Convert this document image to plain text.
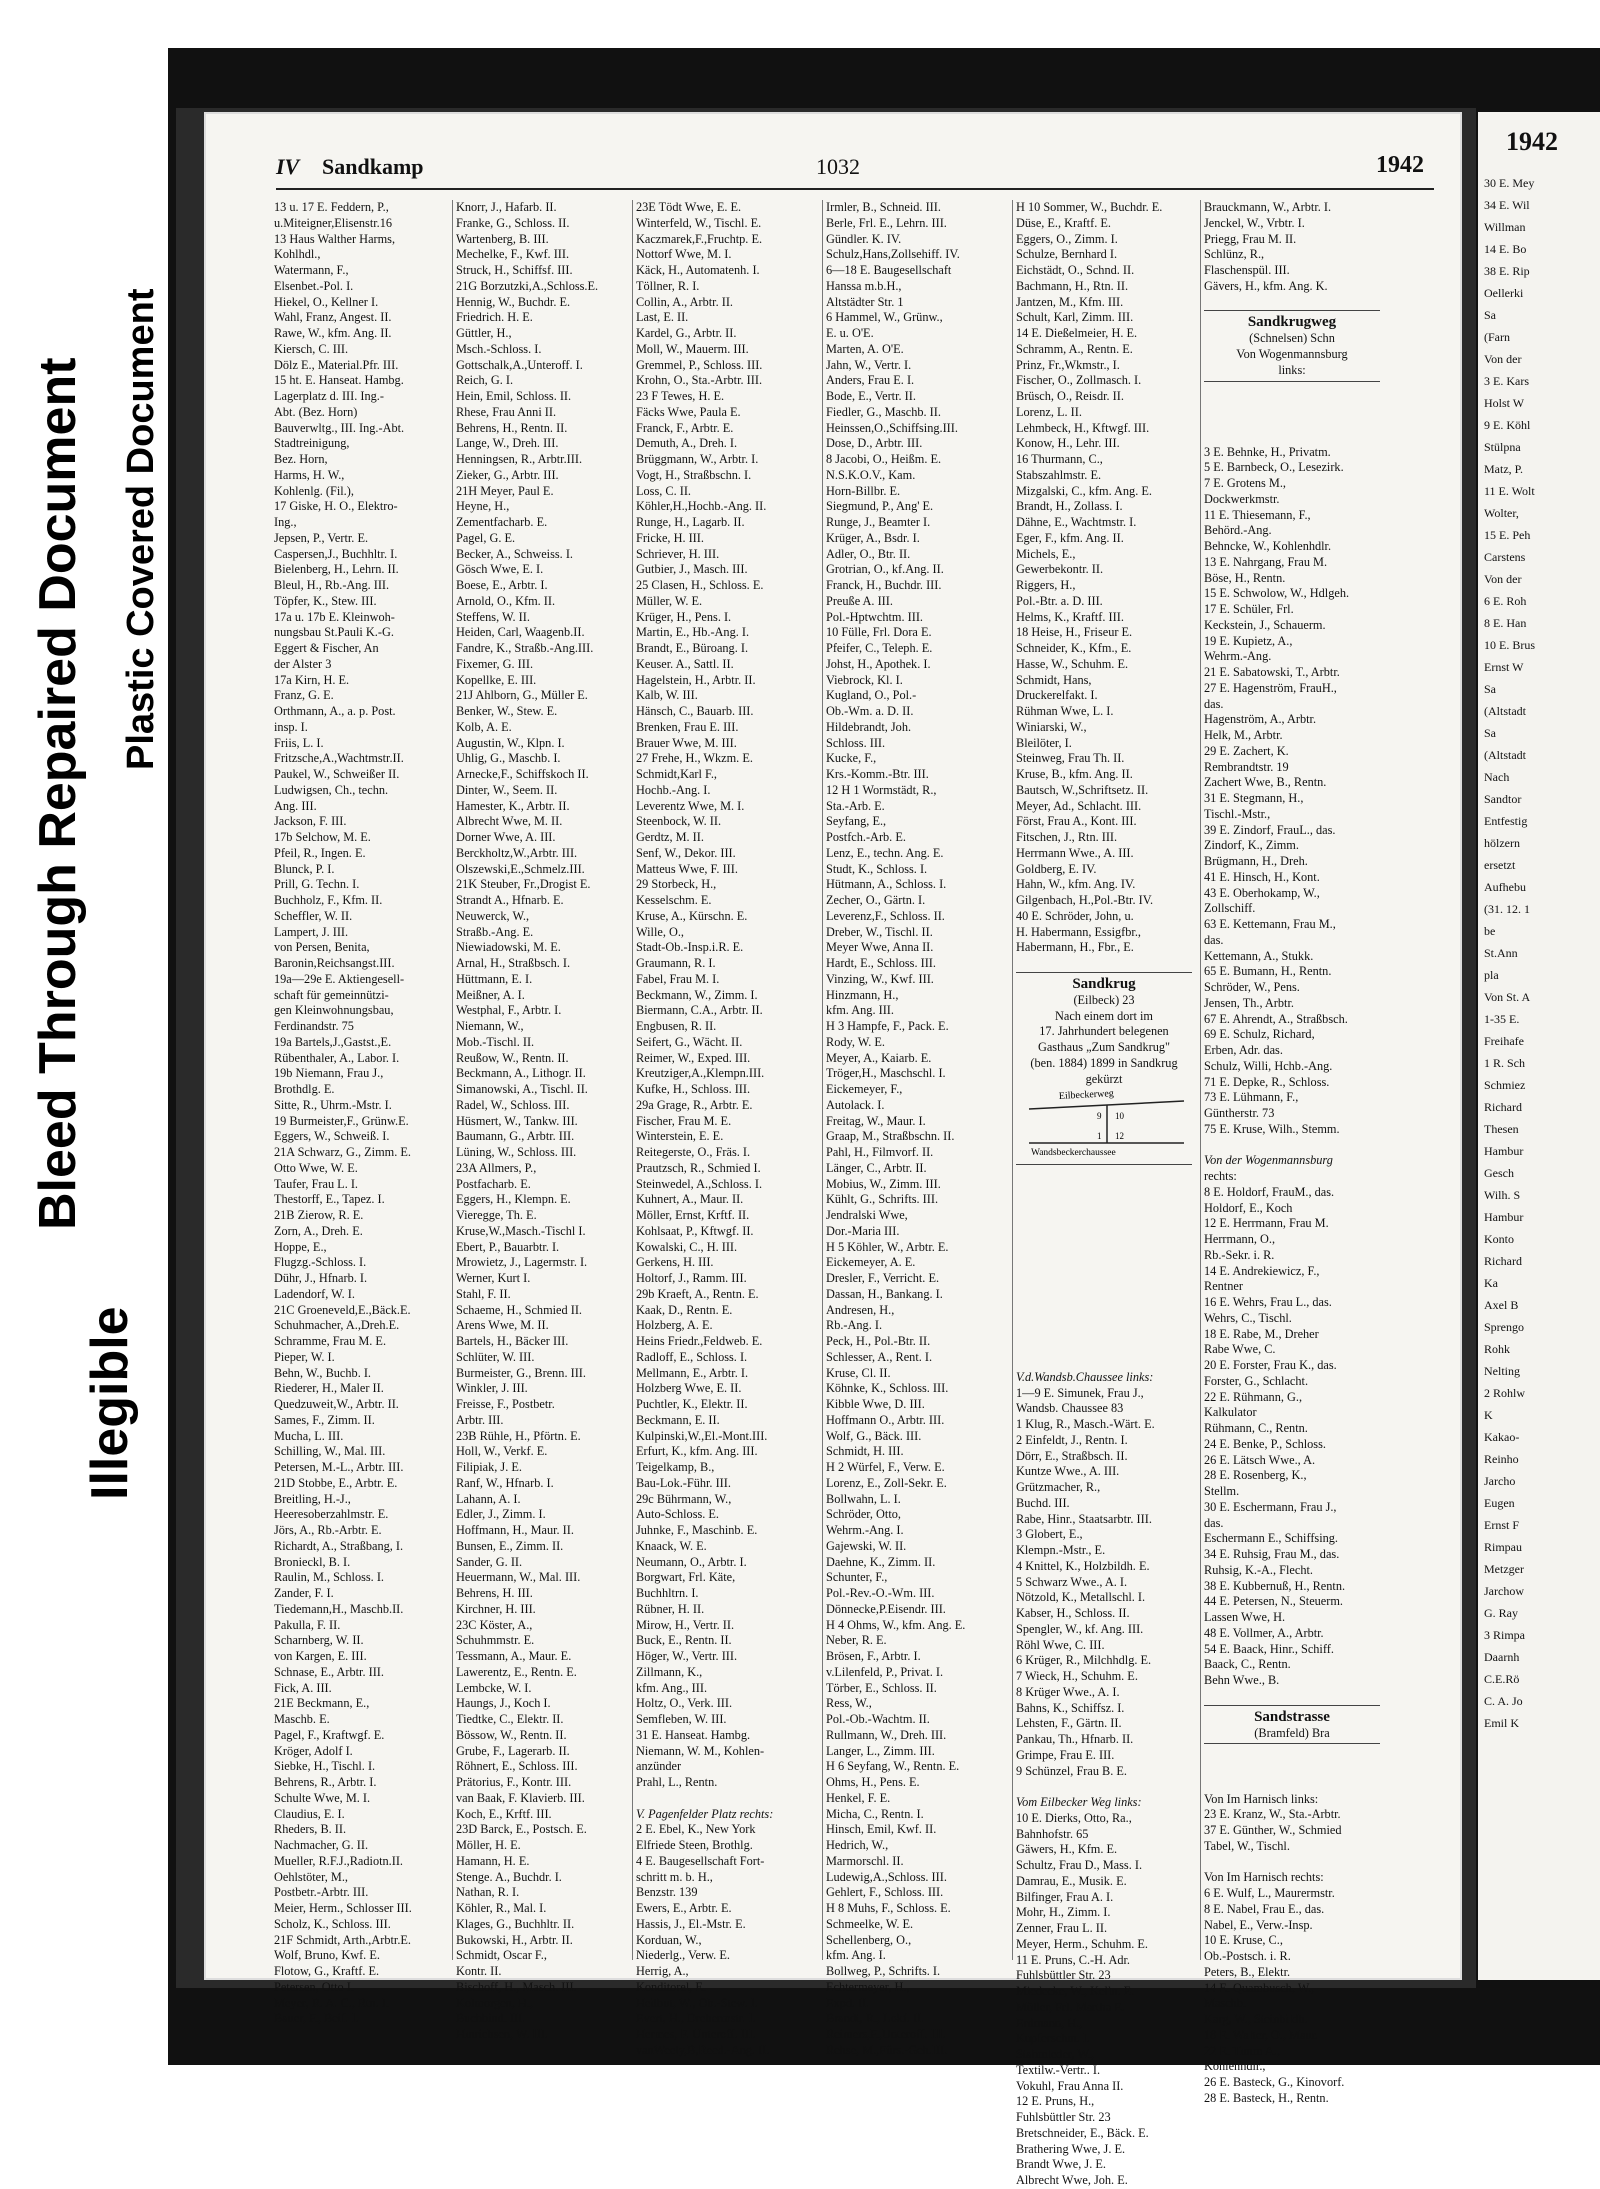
Illegible
Bleed Through Repaired Document Plastic Covered Document
IV Sandkamp	1032	1942
13 u. 17 E. Feddern, P.,
u.Miteigner,Elisenstr.16
13 Haus Walther Harms,
Kohlhdl.,
Watermann, F.,
Elsenbet.-Pol. I.
Hiekel, O., Kellner I.
Wahl, Franz, Angest. II.
Rawe, W., kfm. Ang. II.
Kiersch, C. III.
Dölz E., Material.Pfr. III.
15 ht. E. Hanseat. Hambg.
Lagerplatz d. III. Ing.-
Abt. (Bez. Horn)
Bauverwltg., III. Ing.-Abt.
Stadtreinigung,
Bez. Horn,
Harms, H. W.,
Kohlenlg. (Fil.),
17 Giske, H. O., Elektro-
Ing.,
Jepsen, P., Vertr. E.
Caspersen,J., Buchhltr. I.
Bielenberg, H., Lehrn. II.
Bleul, H., Rb.-Ang. III.
Töpfer, K., Stew. III.
17a u. 17b E. Kleinwoh-
nungsbau St.Pauli K.-G.
Eggert & Fischer, An
der Alster 3
17a Kirn, H. E.
Franz, G. E.
Orthmann, A., a. p. Post.
insp. I.
Friis, L. I.
Fritzsche,A.,Wachtmstr.II.
Paukel, W., Schweißer II.
Ludwigsen, Ch., techn.
Ang. III.
Jackson, F. III.
17b Selchow, M. E.
Pfeil, R., Ingen. E.
Blunck, P. I.
Prill, G. Techn. I.
Buchholz, F., Kfm. II.
Scheffler, W. II.
Lampert, J. III.
von Persen, Benita,
Baronin,Reichsangst.III.
19a—29e E. Aktiengesell-
schaft für gemeinnützi-
gen Kleinwohnungsbau,
Ferdinandstr. 75
19a Bartels,J.,Gastst.,E.
Rübenthaler, A., Labor. I.
19b Niemann, Frau J.,
Brothdlg. E.
Sitte, R., Uhrm.-Mstr. I.
19 Burmeister,F., Grünw.E.
Eggers, W., Schweiß. I.
21A Schwarz, G., Zimm. E.
Otto Wwe, W. E.
Taufer, Frau L. I.
Thestorff, E., Tapez. I.
21B Zierow, R. E.
Zorn, A., Dreh. E.
Hoppe, E.,
Flugzg.-Schloss. I.
Dühr, J., Hfnarb. I.
Ladendorf, W. I.
21C Groeneveld,E.,Bäck.E.
Schuhmacher, A.,Dreh.E.
Schramme, Frau M. E.
Pieper, W. I.
Behn, W., Buchb. I.
Riederer, H., Maler II.
Quedzuweit,W., Arbtr. II.
Sames, F., Zimm. II.
Mucha, L. III.
Schilling, W., Mal. III.
Petersen, M.-L., Arbtr. III.
21D Stobbe, E., Arbtr. E.
Breitling, H.-J.,
Heeresoberzahlmstr. E.
Jörs, A., Rb.-Arbtr. E.
Richardt, A., Straßbang, I.
Bronieckl, B. I.
Raulin, M., Schloss. I.
Zander, F. I.
Tiedemann,H., Maschb.II.
Pakulla, F. II.
Scharnberg, W. II.
von Kargen, E. III.
Schnase, E., Arbtr. III.
Fick, A. III.
21E Beckmann, E.,
Maschb. E.
Pagel, F., Kraftwgf. E.
Kröger, Adolf I.
Siebke, H., Tischl. I.
Behrens, R., Arbtr. I.
Schulte Wwe, M. I.
Claudius, E. I.
Rheders, B. II.
Nachmacher, G. II.
Mueller, R.F.J.,Radiotn.II.
Oehlstöter, M.,
Postbetr.-Arbtr. III.
Meier, Herm., Schlosser III.
Scholz, K., Schloss. III.
21F Schmidt, Arth.,Arbtr.E.
Wolf, Bruno, Kwf. E.
Flotow, G., Kraftf. E.
Petersen, Otto I.
Meyer, R. A. C., Rtn. I.
Bauer, F., Beif. I.
Knorr, J., Hafarb. II.
Franke, G., Schloss. II.
Wartenberg, B. III.
Mechelke, F., Kwf. III.
Struck, H., Schiffsf. III.
21G Borzutzki,A.,Schloss.E.
Hennig, W., Buchdr. E.
Friedrich. H. E.
Güttler, H.,
Msch.-Schloss. I.
Gottschalk,A.,Unteroff. I.
Reich, G. I.
Hein, Emil, Schloss. II.
Rhese, Frau Anni II.
Behrens, H., Rentn. II.
Lange, W., Dreh. III.
Henningsen, R., Arbtr.III.
Zieker, G., Arbtr. III.
21H Meyer, Paul E.
Heyne, H.,
Zementfacharb. E.
Pagel, G. E.
Becker, A., Schweiss. I.
Gösch Wwe, E. I.
Boese, E., Arbtr. I.
Arnold, O., Kfm. II.
Steffens, W. II.
Heiden, Carl, Waagenb.II.
Fandre, K., Straßb.-Ang.III.
Fixemer, G. III.
Kopellke, E. III.
21J Ahlborn, G., Müller E.
Benker, W., Stew. E.
Kolb, A. E.
Augustin, W., Klpn. I.
Uhlig, G., Maschb. I.
Arnecke,F., Schiffskoch II.
Dinter, W., Seem. II.
Hamester, K., Arbtr. II.
Albrecht Wwe, M. II.
Dorner Wwe, A. III.
Berckholtz,W.,Arbtr. III.
Olszewski,E.,Schmelz.III.
21K Steuber, Fr.,Drogist E.
Strandt A., Hfnarb. E.
Neuwerck, W.,
Straßb.-Ang. E.
Niewiadowski, M. E.
Arnal, H., Straßbsch. I.
Hüttmann, E. I.
Meißner, A. I.
Westphal, F., Arbtr. I.
Niemann, W.,
Mob.-Tischl. II.
Reußow, W., Rentn. II.
Beckmann, A., Lithogr. II.
Simanowski, A., Tischl. II.
Radel, W., Schloss. III.
Hüsmert, W., Tankw. III.
Baumann, G., Arbtr. III.
Lüning, W., Schloss. III.
23A Allmers, P.,
Postfacharb. E.
Eggers, H., Klempn. E.
Vieregge, Th. E.
Kruse,W.,Masch.-Tischl I.
Ebert, P., Bauarbtr. I.
Mrowietz, J., Lagermstr. I.
Werner, Kurt I.
Stahl, F. II.
Schaeme, H., Schmied II.
Arens Wwe, M. II.
Bartels, H., Bäcker III.
Schlüter, W. III.
Burmeister, G., Brenn. III.
Winkler, J. III.
Freisse, F., Postbetr.
Arbtr. III.
23B Rühle, H., Pförtn. E.
Holl, W., Verkf. E.
Filipiak, J. E.
Ranf, W., Hfnarb. I.
Lahann, A. I.
Edler, J., Zimm. I.
Hoffmann, H., Maur. II.
Bunsen, E., Zimm. II.
Sander, G. II.
Heuermann, W., Mal. III.
Behrens, H. III.
Kirchner, H. III.
23C Köster, A.,
Schuhmmstr. E.
Tessmann, A., Maur. E.
Lawerentz, E., Rentn. E.
Lembcke, W. I.
Haungs, J., Koch I.
Tiedtke, C., Elektr. II.
Bössow, W., Rentn. II.
Grube, F., Lagerarb. II.
Röhnert, E., Schloss. III.
Prätorius, F., Kontr. III.
van Baak, F. Klavierb. III.
Koch, E., Krftf. III.
23D Barck, E., Postsch. E.
Möller, H. E.
Hamann, H. E.
Stenge. A., Buchdr. I.
Nathan, R. I.
Köhler, R., Mal. I.
Klages, G., Buchhltr. II.
Bukowski, H., Arbtr. II.
Schmidt, Oscar F.,
Kontr. II.
Bischoff, H., Masch. III.
Kolmorgen, H.,
Buchbind. III.
Hinrichsen, W. III.
23E Tödt Wwe, E. E.
Winterfeld, W., Tischl. E.
Kaczmarek,F.,Fruchtp. E.
Nottorf Wwe, M. I.
Käck, H., Automatenh. I.
Töllner, R. I.
Collin, A., Arbtr. II.
Last, E. II.
Kardel, G., Arbtr. II.
Moll, W., Mauerm. III.
Gremmel, P., Schloss. III.
Krohn, O., Sta.-Arbtr. III.
23 F Tewes, H. E.
Fäcks Wwe, Paula E.
Franck, F., Arbtr. E.
Demuth, A., Dreh. I.
Brüggmann, W., Arbtr. I.
Vogt, H., Straßbschn. I.
Loss, C. II.
Köhler,H.,Hochb.-Ang. II.
Runge, H., Lagarb. II.
Fricke, H. III.
Schriever, H. III.
Gutbier, J., Masch. III.
25 Clasen, H., Schloss. E.
Müller, W. E.
Krüger, H., Pens. I.
Martin, E., Hb.-Ang. I.
Brandt, E., Büroang. I.
Keuser. A., Sattl. II.
Hagelstein, H., Arbtr. II.
Kalb, W. III.
Hänsch, C., Bauarb. III.
Brenken, Frau E. III.
Brauer Wwe, M. III.
27 Frehe, H., Wkzm. E.
Schmidt,Karl F.,
Hochb.-Ang. I.
Leverentz Wwe, M. I.
Steenbock, W. II.
Gerdtz, M. II.
Senf, W., Dekor. III.
Matteus Wwe, F. III.
29 Storbeck, H.,
Kesselschm. E.
Kruse, A., Kürschn. E.
Wille, O.,
Stadt-Ob.-Insp.i.R. E.
Graumann, R. I.
Fabel, Frau M. I.
Beckmann, W., Zimm. I.
Biermann, C.A., Arbtr. II.
Engbusen, R. II.
Seifert, G., Wächt. II.
Reimer, W., Exped. III.
Kreutziger,A.,Klempn.III.
Kufke, H., Schloss. III.
29a Grage, R., Arbtr. E.
Fischer, Frau M. E.
Winterstein, E. E.
Reitegerste, O., Fräs. I.
Prautzsch, R., Schmied I.
Steinwedel, A.,Schloss. I.
Kuhnert, A., Maur. II.
Möller, Ernst, Krftf. II.
Kohlsaat, P., Kftwgf. II.
Kowalski, C., H. III.
Gerkens, H. III.
Holtorf, J., Ramm. III.
29b Kraeft, A., Rentn. E.
Kaak, D., Rentn. E.
Holzberg, A. E.
Heins Friedr.,Feldweb. E.
Radloff, E., Schloss. I.
Mellmann, E., Arbtr. I.
Holzberg Wwe, E. II.
Puchtler, K., Elektr. II.
Beckmann, E. II.
Kulpinski,W.,El.-Mont.III.
Erfurt, K., kfm. Ang. III.
Teigelkamp, B.,
Bau-Lok.-Führ. III.
29c Bührmann, W.,
Auto-Schloss. E.
Juhnke, F., Maschinb. E.
Knaack, W. E.
Neumann, O., Arbtr. I.
Borgwart, Frl. Käte,
Buchhltrn. I.
Rübner, H. II.
Mirow, H., Vertr. II.
Buck, E., Rentn. II.
Höger, W., Vertr. III.
Zillmann, K.,
kfm. Ang., III.
Holtz, O., Verk. III.
Semfleben, W. III.
31 E. Hanseat. Hambg.
Niemann, W. M., Kohlen-
anzünder
Prahl, L., Rentn.
V. Pagenfelder Platz rechts:
2 E. Ebel, K., New York
Elfriede Steen, Brothlg.
4 E. Baugesellschaft Fort-
schritt m. b. H.,
Benzstr. 139
Ewers, E., Arbtr. E.
Hassis, J., El.-Mstr. E.
Korduan, W.,
Niederlg., Verw. E.
Herrig, A.,
Konditorel, E.
Heilbut, W., Ob.-Stew. I.
Evert, H., Drehermstr. I.
Hermes, F. Unteroff. III.
vanWeely,B,Reed.-Ang. II.
Irmler, B., Schneid. III.
Berle, Frl. E., Lehrn. III.
Gündler. K. IV.
Schulz,Hans,Zollsehiff. IV.
6—18 E. Baugesellschaft
Hanssa m.b.H.,
Altstädter Str. 1
6 Hammel, W., Grünw.,
E. u. O'E.
Marten, A. O'E.
Jahn, W., Vertr. I.
Anders, Frau E. I.
Bode, E., Vertr. II.
Fiedler, G., Maschb. II.
Heinssen,O.,Schiffsing.III.
Dose, D., Arbtr. III.
8 Jacobi, O., Heißm. E.
N.S.K.O.V., Kam.
Horn-Billbr. E.
Siegmund, P., Ang' E.
Runge, J., Beamter I.
Krüger, A., Bsdr. I.
Adler, O., Btr. II.
Grotrian, O., kf.Ang. II.
Franck, H., Buchdr. III.
Preuße A. III.
Pol.-Hptwchtm. III.
10 Fülle, Frl. Dora E.
Pfeifer, C., Teleph. E.
Johst, H., Apothek. I.
Viebrock, Kl. I.
Kugland, O., Pol.-
Ob.-Wm. a. D. II.
Hildebrandt, Joh.
Schloss. III.
Kucke, F.,
Krs.-Komm.-Btr. III.
12 H 1 Wormstädt, R.,
Sta.-Arb. E.
Seyfang, E.,
Postfch.-Arb. E.
Lenz, E., techn. Ang. E.
Studt, K., Schloss. I.
Hütmann, A., Schloss. I.
Zecher, O., Gärtn. I.
Leverenz,F., Schloss. II.
Dreber, W., Tischl. II.
Meyer Wwe, Anna II.
Hardt, E., Schloss. III.
Vinzing, W., Kwf. III.
Hinzmann, H.,
kfm. Ang. III.
H 3 Hampfe, F., Pack. E.
Rody, W. E.
Meyer, A., Kaiarb. E.
Tröger,H., Maschschl. I.
Eickemeyer, F.,
Autolack. I.
Freitag, W., Maur. I.
Graap, M., Straßbschn. II.
Pahl, H., Filmvorf. II.
Länger, C., Arbtr. II.
Mobius, W., Zimm. III.
Kühlt, G., Schrifts. III.
Jendralski Wwe,
Dor.-Maria III.
H 5 Köhler, W., Arbtr. E.
Eickemeyer, A. E.
Dresler, F., Verricht. E.
Dassan, H., Bankang. I.
Andresen, H.,
Rb.-Ang. I.
Peck, H., Pol.-Btr. II.
Schlesser, A., Rent. I.
Kruse, Cl. II.
Köhnke, K., Schloss. III.
Kibble Wwe, D. III.
Hoffmann O., Arbtr. III.
Wolf, G., Bäck. III.
Schmidt, H. III.
H 2 Würfel, F., Verw. E.
Lorenz, E., Zoll-Sekr. E.
Bollwahn, L. I.
Schröder, Otto,
Wehrm.-Ang. I.
Gajewski, W. II.
Daehne, K., Zimm. II.
Schunter, F.,
Pol.-Rev.-O.-Wm. III.
Dönnecke,P.Eisendr. III.
H 4 Ohms, W., kfm. Ang. E.
Neber, R. E.
Brösen, F., Arbtr. I.
v.Lilenfeld, P., Privat. I.
Törber, E., Schloss. II.
Ress, W.,
Pol.-Ob.-Wachtm. II.
Rullmann, W., Dreh. III.
Langer, L., Zimm. III.
H 6 Seyfang, W., Rentn. E.
Ohms, H., Pens. E.
Henkel, F. E.
Micha, C., Rentn. I.
Hinsch, Emil, Kwf. II.
Hedrich, W.,
Marmorschl. II.
Ludewig,A.,Schloss. III.
Gehlert, F., Schloss. III.
H 8 Muhs, F., Schloss. E.
Schmeelke, W. E.
Schellenberg, O.,
kfm. Ang. I.
Bollweg, P., Schrifts. I.
Echtermeyer, H.,
Expd. II.
Brandt, R., Lokf. II.
Reimers,F.,Unteroff. III.
Rehse, M.,Fürs.-Geh.III.
H 10 Sommer, W., Buchdr. E.
Düse, E., Kraftf. E.
Eggers, O., Zimm. I.
Schulze, Bernhard I.
Eichstädt, O., Schnd. II.
Bachmann, H., Rtn. II.
Jantzen, M., Kfm. III.
Schult, Karl, Zimm. III.
14 E. Dießelmeier, H. E.
Schramm, A., Rentn. E.
Prinz, Fr.,Wkmstr., I.
Fischer, O., Zollmasch. I.
Brüsch, O., Reisdr. II.
Lorenz, L. II.
Lehmbeck, H., Kftwgf. III.
Konow, H., Lehr. III.
16 Thurmann, C.,
Stabszahlmstr. E.
Mizgalski, C., kfm. Ang. E.
Brandt, H., Zollass. I.
Dähne, E., Wachtmstr. I.
Eger, F., kfm. Ang. II.
Michels, E.,
Gewerbekontr. II.
Riggers, H.,
Pol.-Btr. a. D. III.
Helms, K., Kraftf. III.
18 Heise, H., Friseur E.
Schneider, K., Kfm., E.
Hasse, W., Schuhm. E.
Schmidt, Hans,
Druckerelfakt. I.
Rühman Wwe, L. I.
Winiarski, W.,
Bleilöter, I.
Steinweg, Frau Th. II.
Kruse, B., kfm. Ang. II.
Bautsch, W.,Schriftsetz. II.
Meyer, Ad., Schlacht. III.
Först, Frau A., Kont. III.
Fitschen, J., Rtn. III.
Herrmann Wwe., A. III.
Goldberg, E. IV.
Hahn, W., kfm. Ang. IV.
Gilgenbach, H.,Pol.-Btr. IV.
40 E. Schröder, John, u.
H. Habermann, Essigfbr.,
Habermann, H., Fbr., E.
Sandkrug
(Eilbeck) 23
Nach einem dort im
17. Jahrhundert belegenen
Gasthaus „Zum Sandkrug"
(ben. 1884) 1899 in Sandkrug
gekürzt
Eilbeckerweg
Wandsbeckerchaussee
9 10
1 12
V.d.Wandsb.Chaussee links:
1—9 E. Simunek, Frau J.,
Wandsb. Chaussee 83
1 Klug, R., Masch.-Wärt. E.
2 Einfeldt, J., Rentn. I.
Dörr, E., Straßbsch. II.
Kuntze Wwe., A. III.
Grützmacher, R.,
Buchd. III.
Rabe, Hinr., Staatsarbtr. III.
3 Globert, E.,
Klempn.-Mstr., E.
4 Knittel, K., Holzbildh. E.
5 Schwarz Wwe., A. I.
Nötzold, K., Metallschl. I.
Kabser, H., Schloss. II.
Spengler, W., kf. Ang. III.
Röhl Wwe, C. III.
6 Krüger, R., Milchhdlg. E.
7 Wieck, H., Schuhm. E.
8 Krüger Wwe., A. I.
Bahns, K., Schiffsz. I.
Lehsten, F., Gärtn. II.
Pankau, Th., Hfnarb. II.
Grimpe, Frau E. III.
9 Schünzel, Frau B. E.
Vom Eilbecker Weg links:
10 E. Dierks, Otto, Ra.,
Bahnhofstr. 65
Gäwers, H., Kfm. E.
Schultz, Frau D., Mass. I.
Damrau, E., Musik. E.
Bilfinger, Frau A. I.
Mohr, H., Zimm. I.
Zenner, Frau L. II.
Meyer, Herm., Schuhm. E.
11 E. Pruns, C.-H. Adr.
Fuhlsbüttler Str. 23
Miedecke, W., Kelln. E.
Müller, Frl. Martha E.
Erdmann, H.,
Kupferschm. I.
Stahmleder, W.,
Textilw.-Vertr.. I.
Vokuhl, Frau Anna II.
12 E. Pruns, H.,
Fuhlsbüttler Str. 23
Bretschneider, E., Bäck. E.
Brathering Wwe, J. E.
Brandt Wwe, J. E.
Albrecht Wwe, Joh. E.
Brauckmann, W., Arbtr. I.
Jenckel, W., Vrbtr. I.
Priegg, Frau M. II.
Schlünz, R.,
Flaschenspül. III.
Gävers, H., kfm. Ang. K.
Sandkrugweg
(Schnelsen) Schn
Von Wogenmannsburg
links:
3 E. Behnke, H., Privatm.
5 E. Barnbeck, O., Lesezirk.
7 E. Grotens M.,
Dockwerkmstr.
11 E. Thiesemann, F.,
Behörd.-Ang.
Behncke, W., Kohlenhdlr.
13 E. Nahrgang, Frau M.
Böse, H., Rentn.
15 E. Schwolow, W., Hdlgeh.
17 E. Schüler, Frl.
Keckstein, J., Schauerm.
19 E. Kupietz, A.,
Wehrm.-Ang.
21 E. Sabatowski, T., Arbtr.
27 E. Hagenström, FrauH.,
das.
Hagenström, A., Arbtr.
Helk, M., Arbtr.
29 E. Zachert, K.
Rembrandtstr. 19
Zachert Wwe, B., Rentn.
31 E. Stegmann, H.,
Tischl.-Mstr.,
39 E. Zindorf, FrauL., das.
Zindorf, K., Zimm.
Brügmann, H., Dreh.
41 E. Hinsch, H., Kont.
43 E. Oberhokamp, W.,
Zollschiff.
63 E. Kettemann, Frau M.,
das.
Kettemann, A., Stukk.
65 E. Bumann, H., Rentn.
Schröder, W., Pens.
Jensen, Th., Arbtr.
67 E. Ahrendt, A., Straßbsch.
69 E. Schulz, Richard,
Erben, Adr. das.
Schulz, Willi, Hchb.-Ang.
71 E. Depke, R., Schloss.
73 E. Lühmann, F.,
Güntherstr. 73
75 E. Kruse, Wilh., Stemm.
Von der Wogenmannsburg
rechts:
8 E. Holdorf, FrauM., das.
Holdorf, E., Koch
12 E. Herrmann, Frau M.
Herrmann, O.,
Rb.-Sekr. i. R.
14 E. Andrekiewicz, F.,
Rentner
16 E. Wehrs, Frau L., das.
Wehrs, C., Tischl.
18 E. Rabe, M., Dreher
Rabe Wwe, C.
20 E. Forster, Frau K., das.
Forster, G., Schlacht.
22 E. Rühmann, G.,
Kalkulator
Rühmann, C., Rentn.
24 E. Benke, P., Schloss.
26 E. Lätsch Wwe., A.
28 E. Rosenberg, K.,
Stellm.
30 E. Eschermann, Frau J.,
das.
Eschermann E., Schiffsing.
34 E. Ruhsig, Frau M., das.
Ruhsig, K.-A., Flecht.
38 E. Kubbernuß, H., Rentn.
44 E. Petersen, N., Steuerm.
Lassen Wwe, H.
48 E. Vollmer, A., Arbtr.
54 E. Baack, Hinr., Schiff.
Baack, C., Rentn.
Behn Wwe., B.
Sandstrasse
(Bramfeld) Bra
Von Im Harnisch links:
23 E. Kranz, W., Sta.-Arbtr.
37 E. Günther, W., Schmied
Tabel, W., Tischl.
Von Im Harnisch rechts:
6 E. Wulf, L., Maurermstr.
8 E. Nabel, Frau E., das.
Nabel, E., Verw.-Insp.
10 E. Kruse, C.,
Ob.-Postsch. i. R.
Peters, B., Elektr.
14 E. Quambusch, W.,
Maschb.
Karg, W., Steinbildh.
18 E. Walter, O., Maur.
22 E. Timm A.,
Kohlenhdlr.,
26 E. Basteck, G., Kinovorf.
28 E. Basteck, H., Rentn.
1942
30 E. Mey
34 E. Wil
Willman
14 E. Bo
38 E. Rip
Oellerki
Sa
(Farn
Von der
3 E. Kars
Holst W
9 E. Köhl
Stülpna
Matz, P.
11 E. Wolt
Wolter,
15 E. Peh
Carstens
Von der
6 E. Roh
8 E. Han
10 E. Brus
Ernst W
Sa
(Altstadt
Sa
(Altstadt
Nach
Sandtor
Entfestig
hölzern
ersetzt
Aufhebu
(31. 12. 1
be
St.Ann
pla
Von St. A
1-35 E.
Freihafe
1 R. Sch
Schmiez
Richard
Thesen
Hambur
Gesch
Wilh. S
Hambur
Konto
Richard
Ka
Axel B
Sprengo
Rohk
Nelting
2 Rohlw
K
Kakao-
Reinho
Jarcho
Eugen
Ernst F
Rimpau
Metzger
Jarchow
G. Ray
3 Rimpa
Daarnh
C.E.Rö
C. A. Jo
Emil K
